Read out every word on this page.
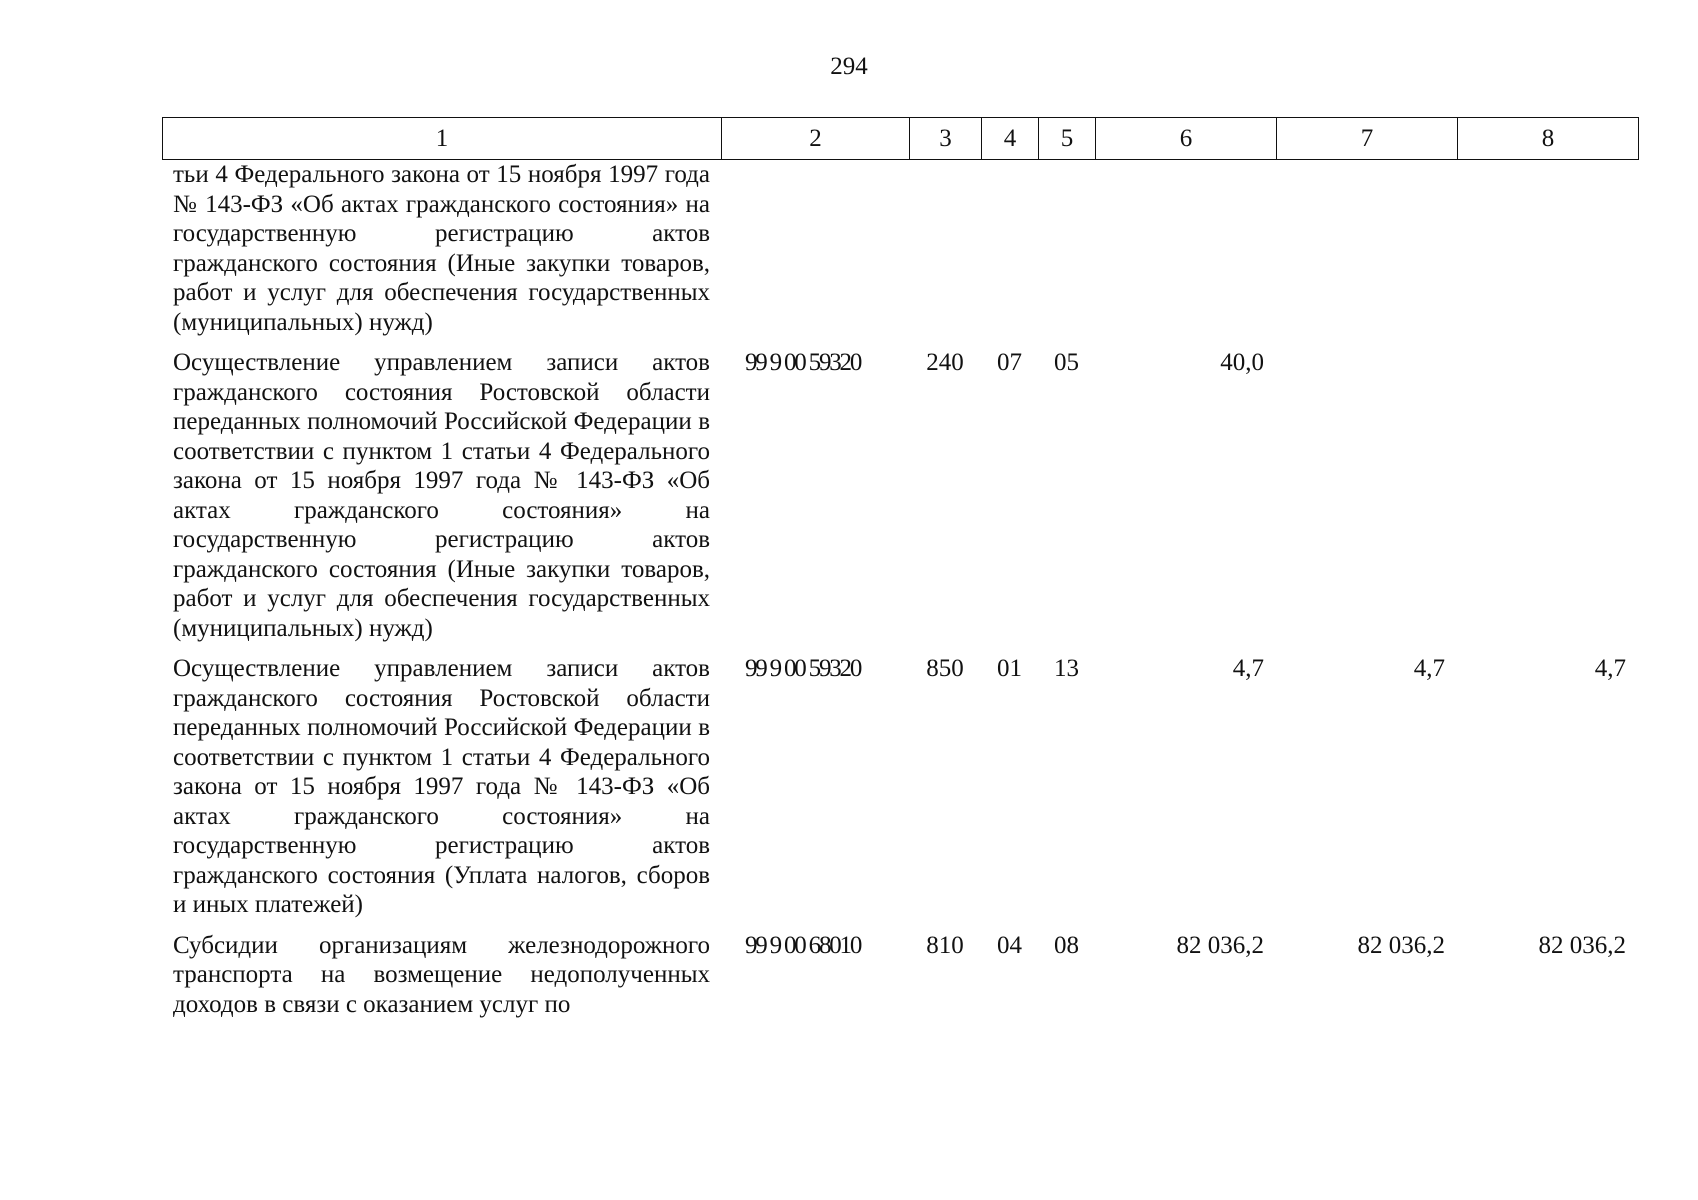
294
1	2	3	4	5	6	7	8
тьи 4 Федерального закона от 15 ноября 1997 года № 143-ФЗ «Об актах гражданского состояния» на государственную регистрацию актов гражданского состояния (Иные закупки товаров, работ и услуг для обеспечения государственных (муниципальных) нужд)							
Осуществление управлением записи актов гражданского состояния Ростовской области переданных полномочий Российской Федерации в соответствии с пунктом 1 статьи 4 Федерального закона от 15 ноября 1997 года № 143-ФЗ «Об актах гражданского состояния» на государственную регистрацию актов гражданского состояния (Иные закупки товаров, работ и услуг для обеспечения государственных (муниципальных) нужд)	99 9 00 59320	240	07	05	40,0		
Осуществление управлением записи актов гражданского состояния Ростовской области переданных полномочий Российской Федерации в соответствии с пунктом 1 статьи 4 Федерального закона от 15 ноября 1997 года № 143-ФЗ «Об актах гражданского состояния» на государственную регистрацию актов гражданского состояния (Уплата налогов, сборов и иных платежей)	99 9 00 59320	850	01	13	4,7	4,7	4,7
Субсидии организациям железнодорожного транспорта на возмещение недополученных доходов в связи с оказанием услуг по	99 9 00 68010	810	04	08	82 036,2	82 036,2	82 036,2
